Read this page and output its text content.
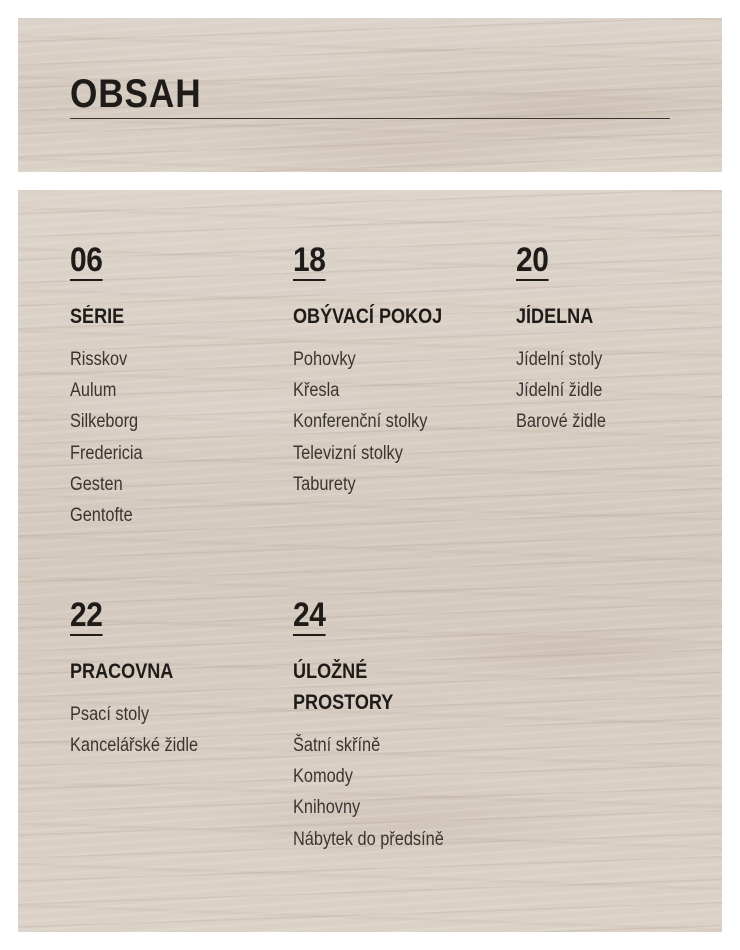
OBSAH
06
SÉRIE
Risskov
Aulum
Silkeborg
Fredericia
Gesten
Gentofte
18
OBÝVACÍ POKOJ
Pohovky
Křesla
Konferenční stolky
Televizní stolky
Taburety
20
JÍDELNA
Jídelní stoly
Jídelní židle
Barové židle
22
PRACOVNA
Psací stoly
Kancelářské židle
24
ÚLOŽNÉ
PROSTORY
Šatní skříně
Komody
Knihovny
Nábytek do předsíně
